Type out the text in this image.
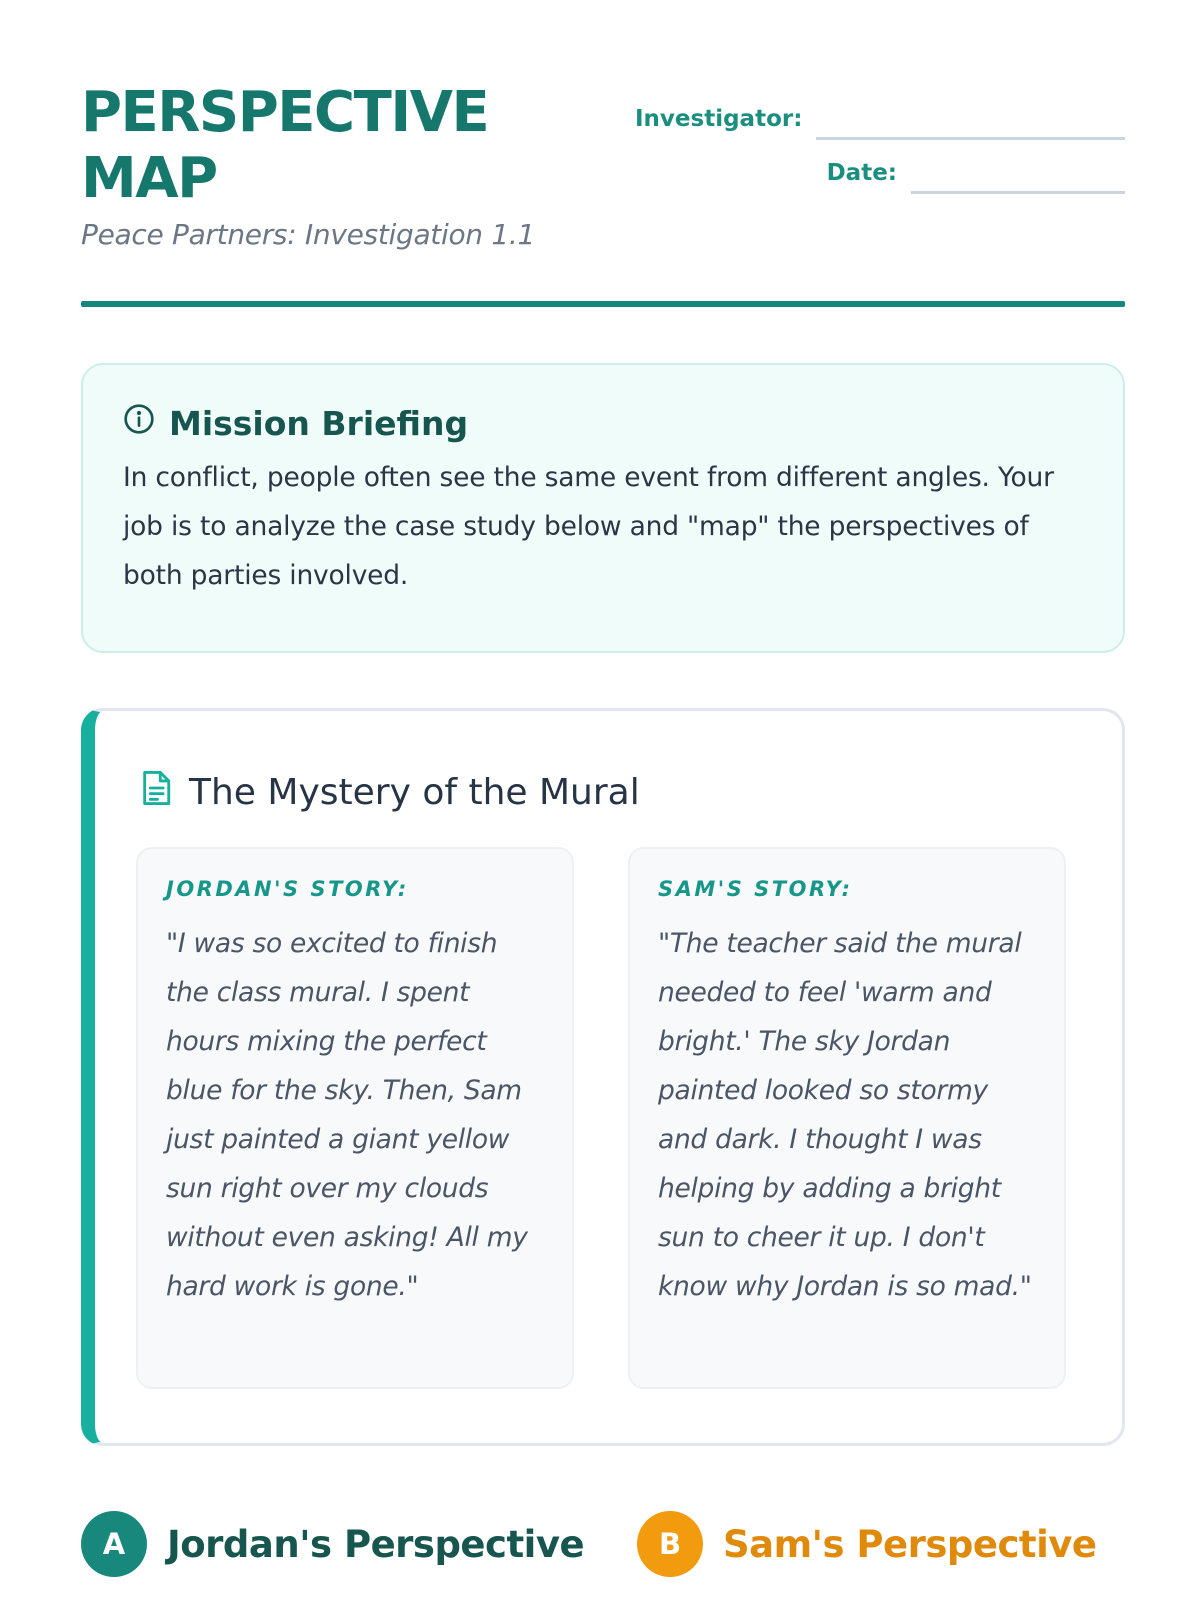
PERSPECTIVE
MAP
Peace Partners: Investigation 1.1
Investigator:
Date:
Mission Briefing

In conflict, people often see the same event from different angles. Your job is to analyze the case study below and "map" the perspectives of both parties involved.

The Mystery of the Mural
JORDAN'S STORY:

"I was so excited to finish the class mural. I spent hours mixing the perfect blue for the sky. Then, Sam just painted a giant yellow sun right over my clouds without even asking! All my hard work is gone."

SAM'S STORY:

"The teacher said the mural needed to feel 'warm and bright.' The sky Jordan painted looked so stormy and dark. I thought I was helping by adding a bright sun to cheer it up. I don't know why Jordan is so mad."

A	Jordan's Perspective	B	Sam's Perspective
